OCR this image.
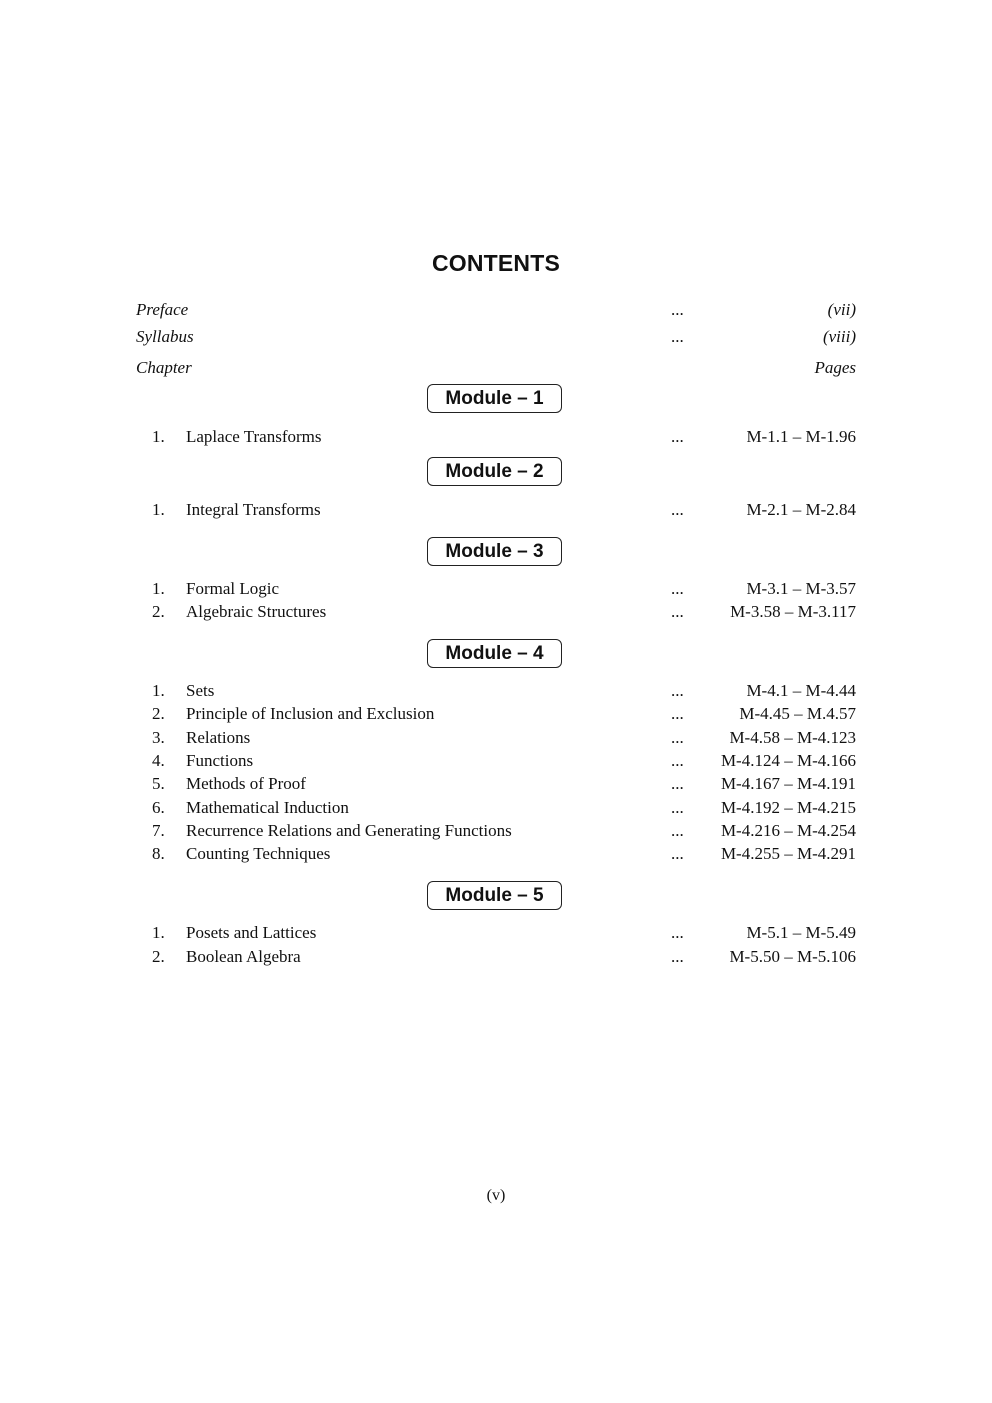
CONTENTS
Preface	...	(vii)
Syllabus	...	(viii)
Chapter	Pages
Module – 1
1. Laplace Transforms	...	M-1.1 – M-1.96
Module – 2
1. Integral Transforms	...	M-2.1 – M-2.84
Module – 3
1. Formal Logic	...	M-3.1 – M-3.57
2. Algebraic Structures	...	M-3.58 – M-3.117
Module – 4
1. Sets	...	M-4.1 – M-4.44
2. Principle of Inclusion and Exclusion	...	M-4.45 – M.4.57
3. Relations	...	M-4.58 – M-4.123
4. Functions	... M-4.124 – M-4.166
5. Methods of Proof	... M-4.167 – M-4.191
6. Mathematical Induction	... M-4.192 – M-4.215
7. Recurrence Relations and Generating Functions	... M-4.216 – M-4.254
8. Counting Techniques	... M-4.255 – M-4.291
Module – 5
1. Posets and Lattices	...	M-5.1 – M-5.49
2. Boolean Algebra	...	M-5.50 – M-5.106
(v)
